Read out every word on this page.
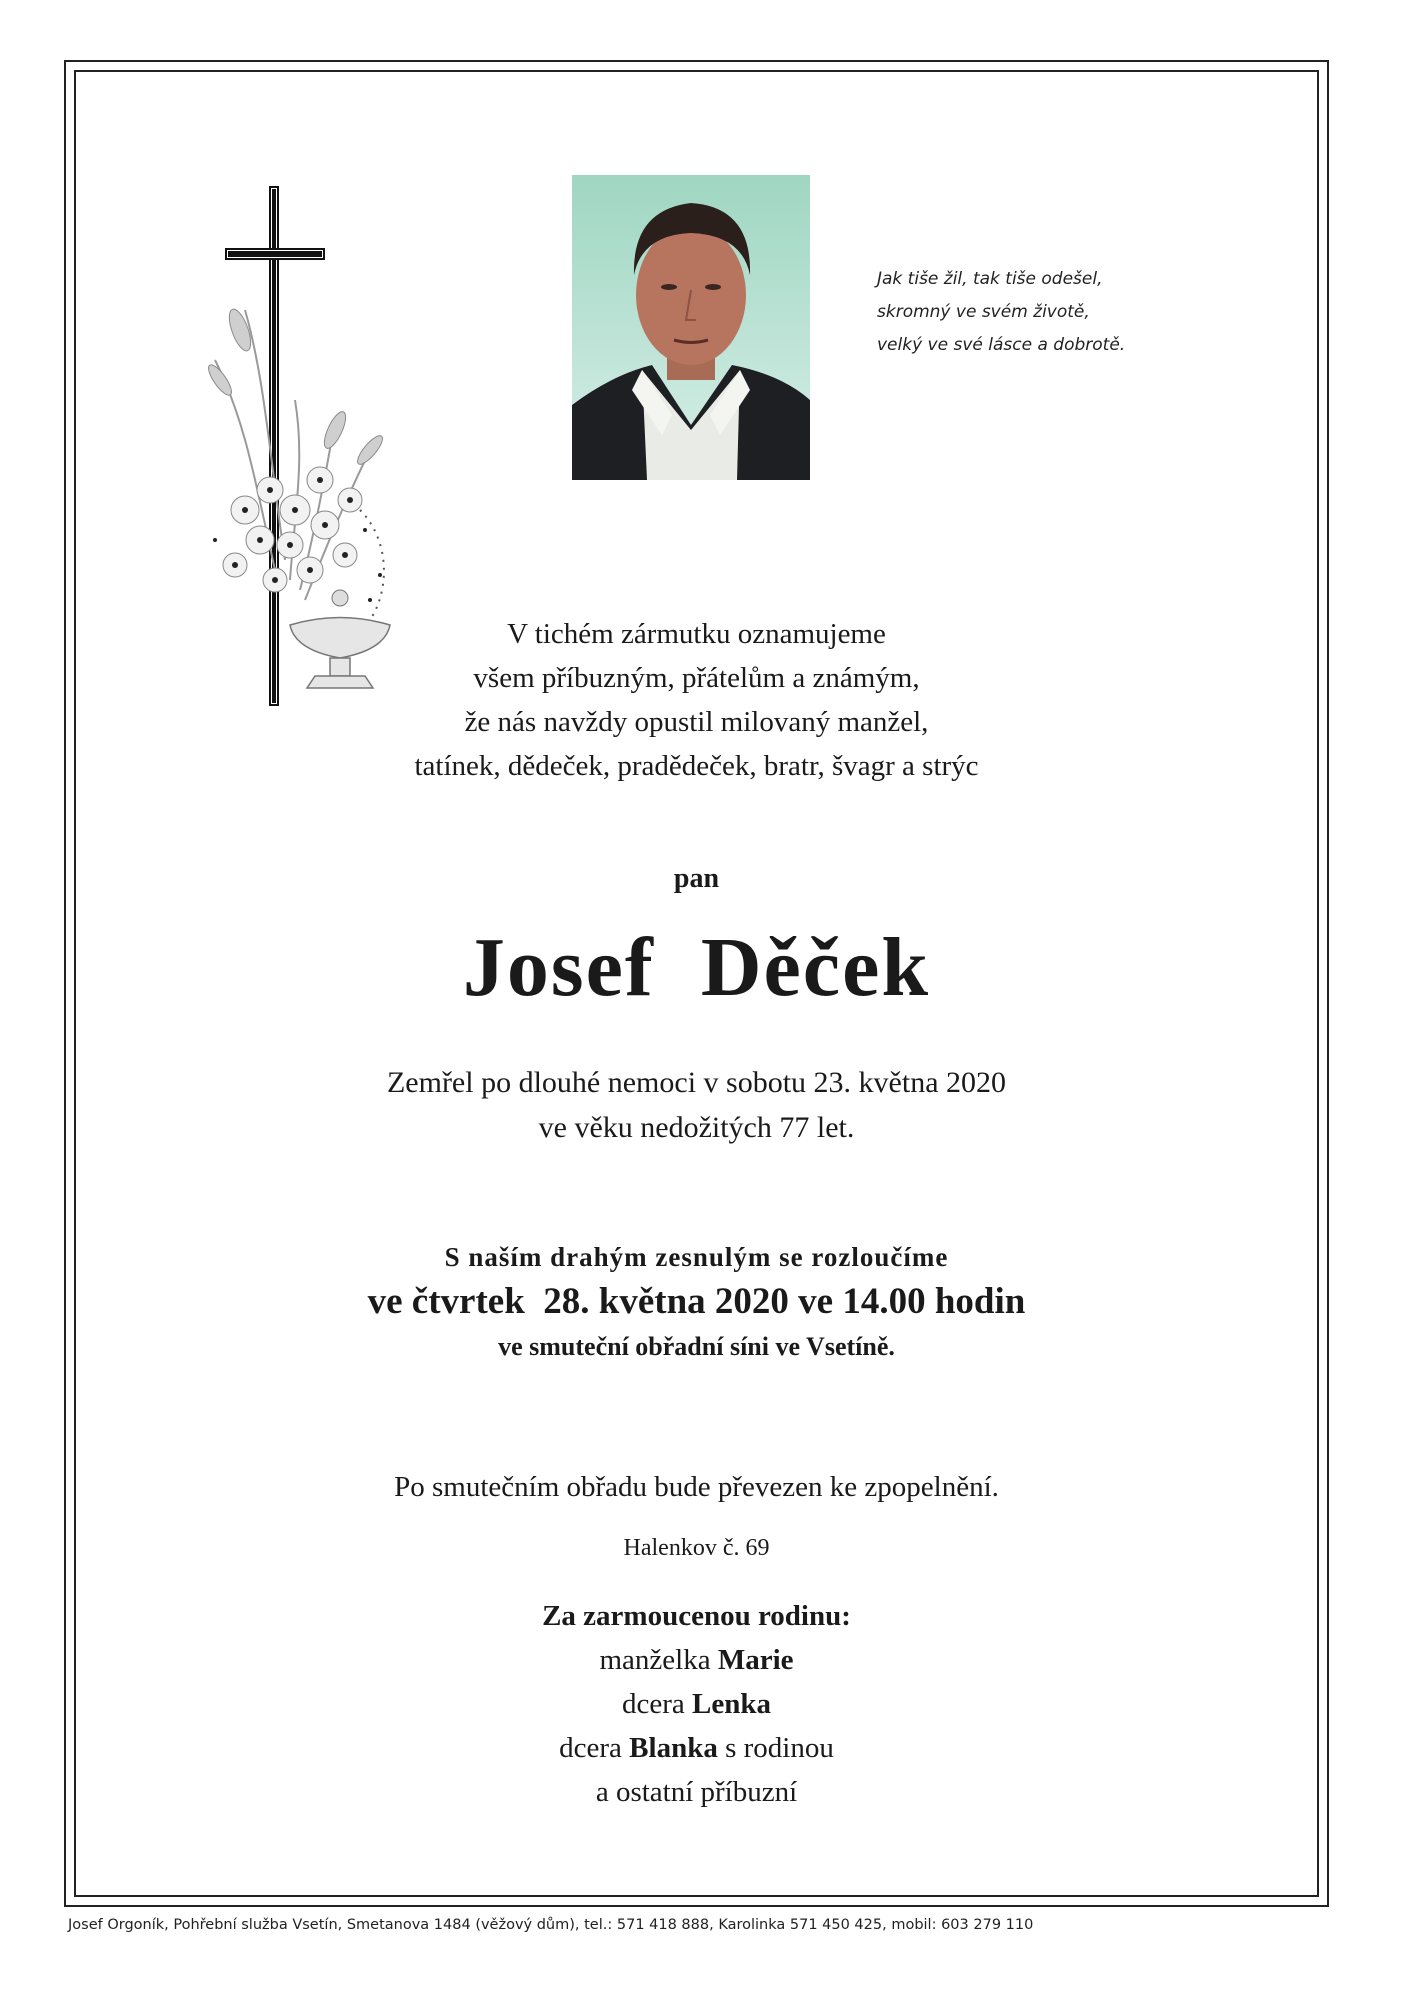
Jak tiše žil, tak tiše odešel,
skromný ve svém životě,
velký ve své lásce a dobrotě.
V tichém zármutku oznamujeme
všem příbuzným, přátelům a známým,
že nás navždy opustil milovaný manžel,
tatínek, dědeček, pradědeček, bratr, švagr a strýc
pan
Josef  Děček
Zemřel po dlouhé nemoci v sobotu 23. května 2020
ve věku nedožitých 77 let.
S naším drahým zesnulým se rozloučíme
ve čtvrtek  28. května 2020 ve 14.00 hodin
ve smuteční obřadní síni ve Vsetíně.
Po smutečním obřadu bude převezen ke zpopelnění.
Halenkov č. 69
Za zarmoucenou rodinu:
manželka Marie
dcera Lenka
dcera Blanka s rodinou
a ostatní příbuzní
Josef Orgoník, Pohřební služba Vsetín, Smetanova 1484 (věžový dům), tel.: 571 418 888, Karolinka 571 450 425, mobil: 603 279 110
